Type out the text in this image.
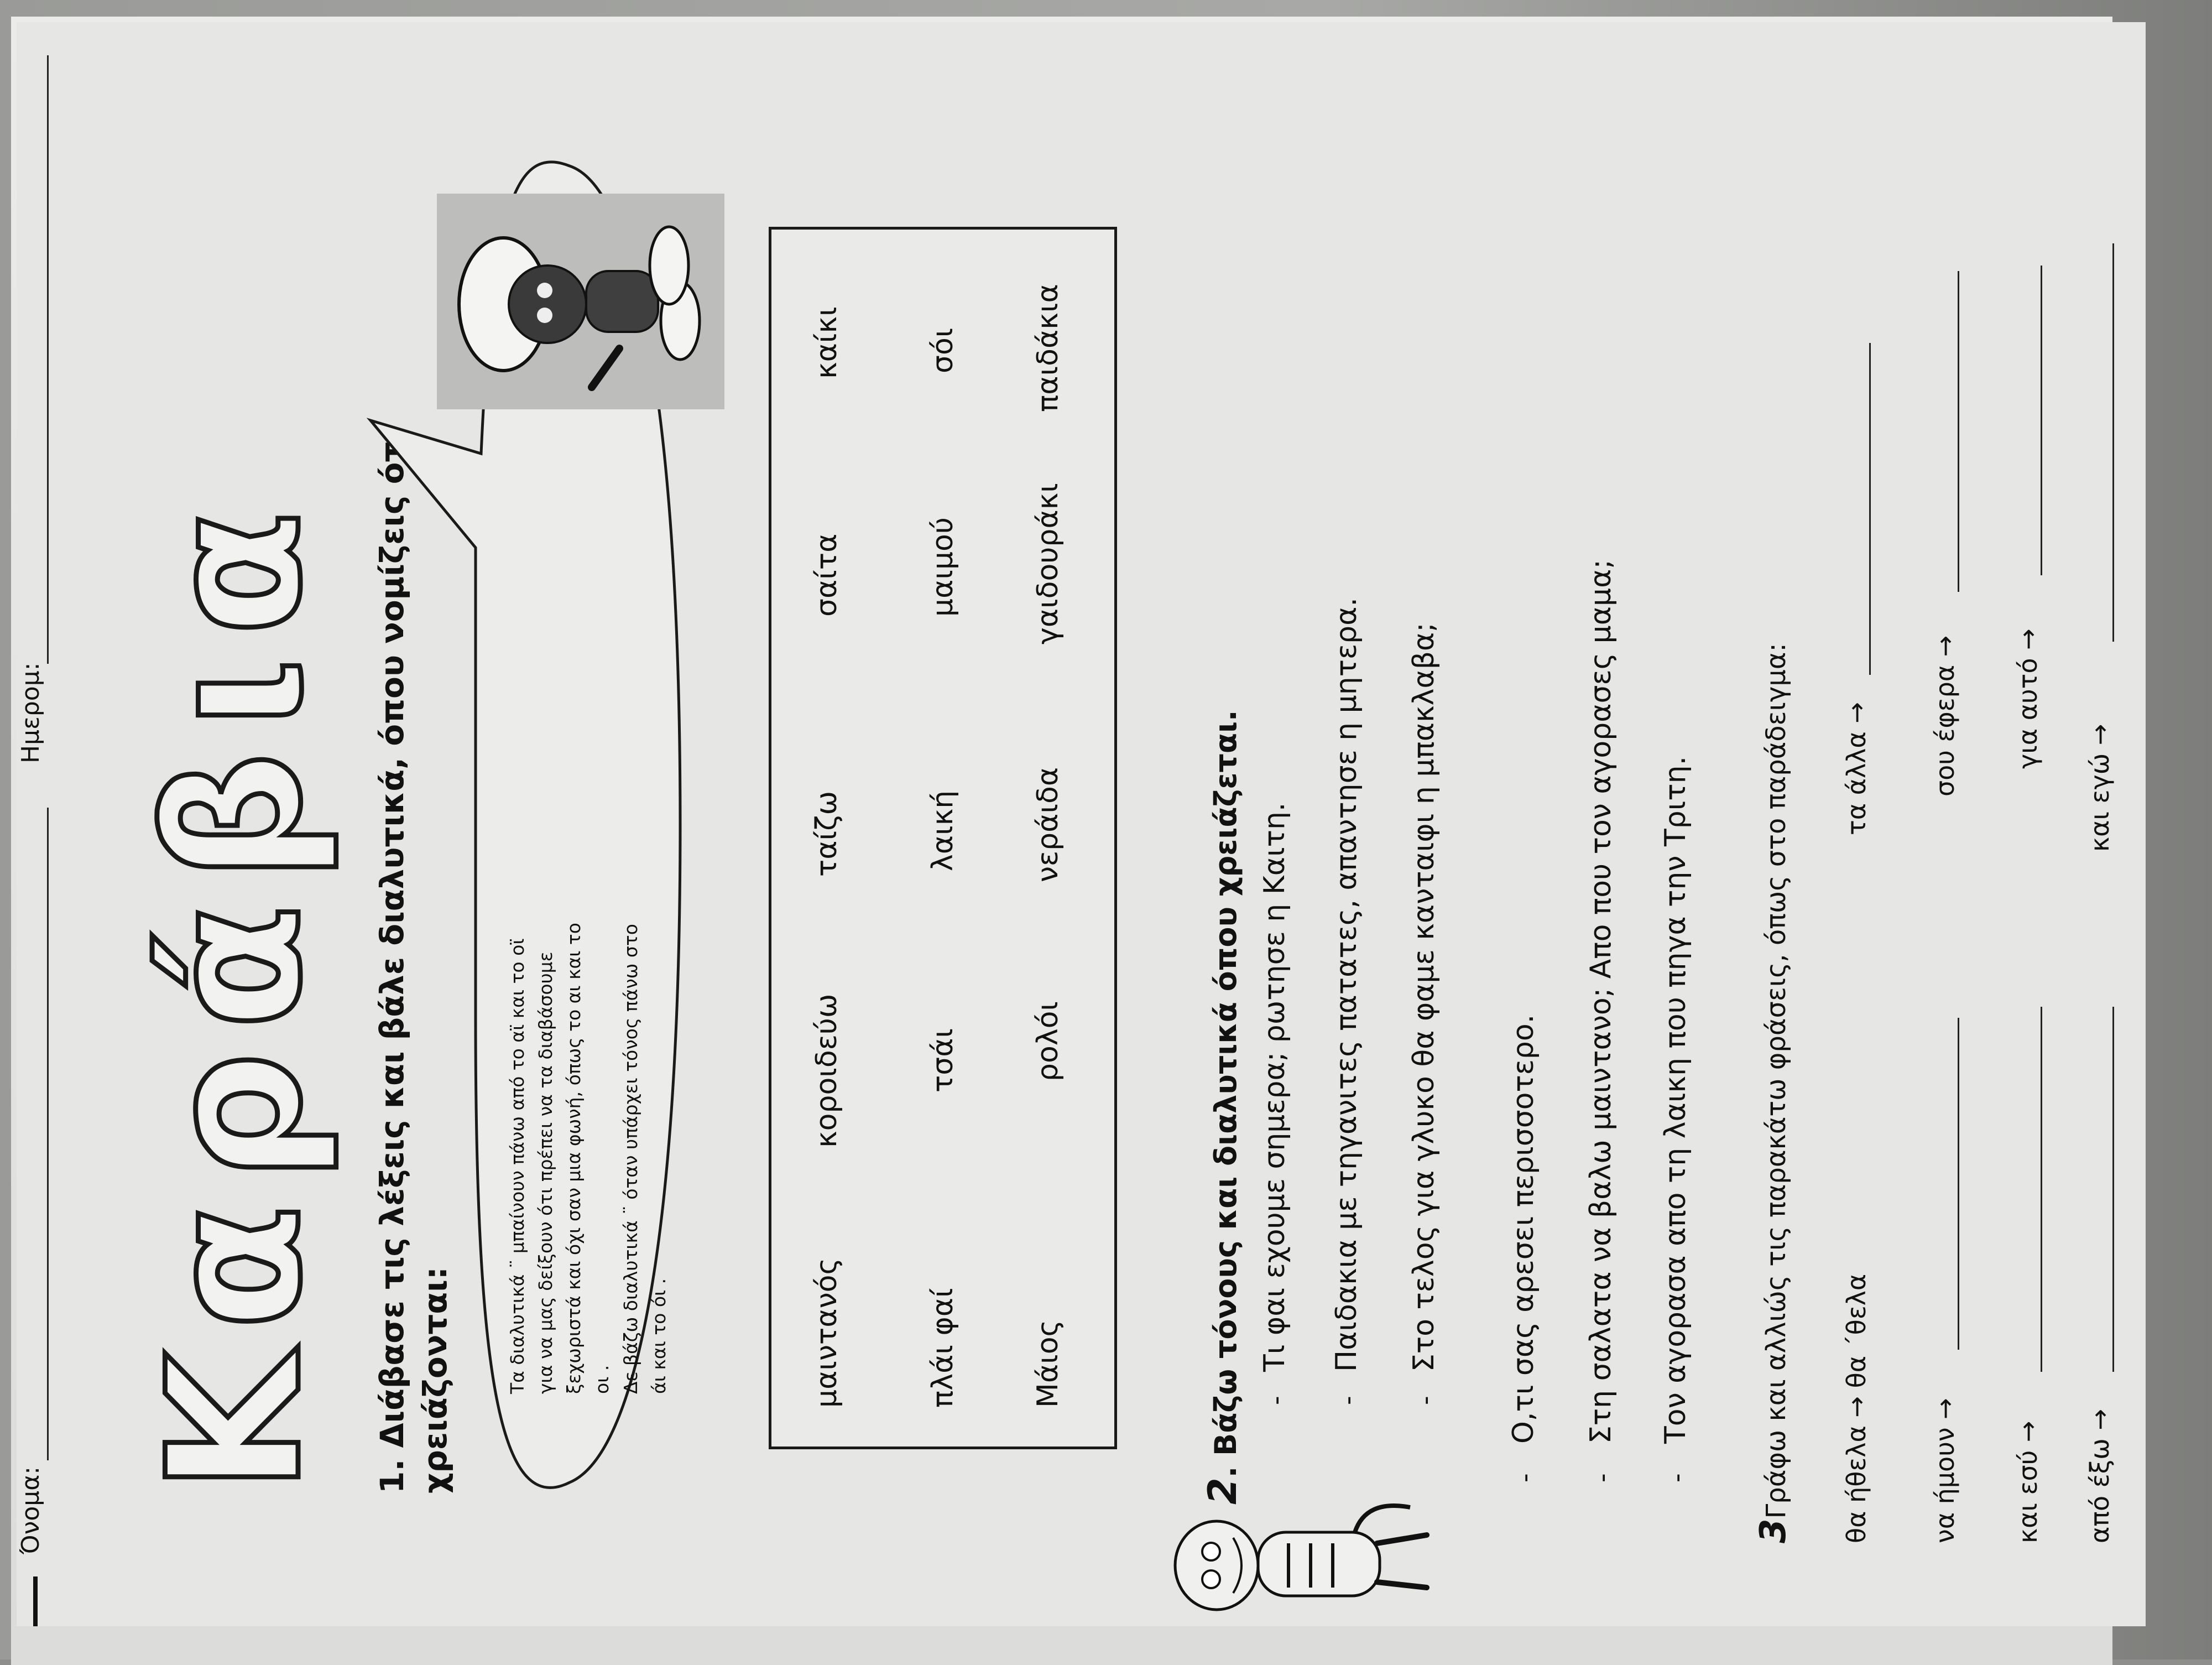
Όνομα:
Ημερομ: Καράβια 1. Διάβασε τις λέξεις και βάλε διαλυτικά, όπου νομίζεις ότι χρειάζονται:	Τα διαλυτικά ¨ μπαίνουν πάνω από το αϊ και το οϊ για να μας δείξουν ότι πρέπει να τα διαβάσουμε ξεχωριστά και όχι σαν μια φωνή, όπως το αι και το οι . Δε βάζω διαλυτικά ¨ όταν υπάρχει τόνος πάνω στο άι και το όι .	μαιντανός
κοροιδεύω
ταίζω
σαίτα
καίκι
πλάι φαί
τσάι
λαική
μαιμού
σόι
Μάιος
ρολόι
νεράιδα
γαιδουράκι
παιδάκια
2. Βάζω τόνους και διαλυτικά όπου χρειάζεται. -
Τι φαι εχουμε σημερα; ρωτησε η Καιτη.
-
Παιδακια με τηγανιτες πατατες, απαντησε η μητερα.
-
Στο τελος για γλυκο θα φαμε κανταιφι η μπακλαβα;
-
Ο,τι σας αρεσει περισσοτερο.
-
Στη σαλατα να βαλω μαιντανο; Απο που τον αγορασες μαμα;
-
Τον αγορασα απο τη λαικη που πηγα την Τριτη.
3Γράφω και αλλιώς τις παρακάτω φράσεις, όπως στο παράδειγμα: θα ήθελα → θα ΄θελα να ήμουν → και εσύ → από έξω →
τα άλλα → σου έφερα → για αυτό →
και εγώ →
